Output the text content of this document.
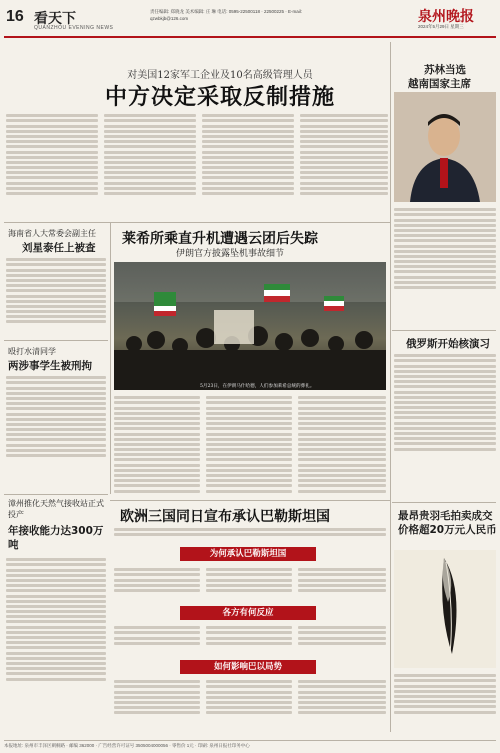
16 看天下
QUANZHOU EVENING NEWS
责任编辑: 郑晓龙 美术编辑: 庄 琳 电话: 0595-22500118 · 22500225 · E-mail: qzwbkjb@126.com	泉州晚报
2024年5月29日 星期三
对美国12家军工企业及10名高级管理人员
中方决定采取反制措施
海南省人大常委会副主任
刘星泰任上被查
殴打水清同学
两涉事学生被刑拘
漳州推化天然气接收站正式投产
年接收能力达300万吨
莱希所乘直升机遭遇云团后失踪
伊朗官方披露坠机事故细节
5月23日，在伊朗马什哈德，人们参加莱希总统的葬礼。
苏林当选
越南国家主席
俄罗斯开始核演习
最昂贵羽毛拍卖成交
价格超20万元人民币
欧洲三国同日宣布承认巴勒斯坦国
为何承认巴勒斯坦国
各方有何反应
如何影响巴以局势
本报地址: 泉州市丰泽区刺桐路 · 邮编 362000 · 广告经营许可证号 3505004000056 · 零售价 1元 · 印刷: 泉州日报社印务中心
